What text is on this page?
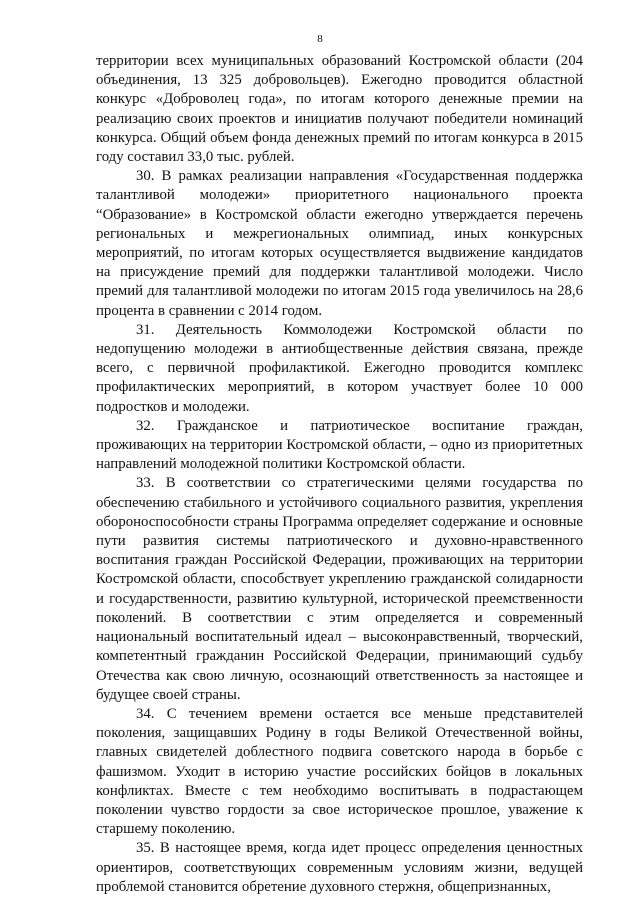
8

территории всех муниципальных образований Костромской области (204 объединения, 13 325 добровольцев). Ежегодно проводится областной конкурс «Доброволец года», по итогам которого денежные премии на реализацию своих проектов и инициатив получают победители номинаций конкурса. Общий объем фонда денежных премий по итогам конкурса в 2015 году составил 33,0 тыс. рублей.

30. В рамках реализации направления «Государственная поддержка талантливой молодежи» приоритетного национального проекта “Образование» в Костромской области ежегодно утверждается перечень региональных и межрегиональных олимпиад, иных конкурсных мероприятий, по итогам которых осуществляется выдвижение кандидатов на присуждение премий для поддержки талантливой молодежи. Число премий для талантливой молодежи по итогам 2015 года увеличилось на 28,6 процента в сравнении с 2014 годом.

31. Деятельность Коммолодежи Костромской области по недопущению молодежи в антиобщественные действия связана, прежде всего, с первичной профилактикой. Ежегодно проводится комплекс профилактических мероприятий, в котором участвует более 10 000 подростков и молодежи.

32. Гражданское и патриотическое воспитание граждан, проживающих на территории Костромской области, – одно из приоритетных направлений молодежной политики Костромской области.

33. В соответствии со стратегическими целями государства по обеспечению стабильного и устойчивого социального развития, укрепления обороноспособности страны Программа определяет содержание и основные пути развития системы патриотического и духовно-нравственного воспитания граждан Российской Федерации, проживающих на территории Костромской области, способствует укреплению гражданской солидарности и государственности, развитию культурной, исторической преемственности поколений. В соответствии с этим определяется и современный национальный воспитательный идеал – высоконравственный, творческий, компетентный гражданин Российской Федерации, принимающий судьбу Отечества как свою личную, осознающий ответственность за настоящее и будущее своей страны.

34. С течением времени остается все меньше представителей поколения, защищавших Родину в годы Великой Отечественной войны, главных свидетелей доблестного подвига советского народа в борьбе с фашизмом. Уходит в историю участие российских бойцов в локальных конфликтах. Вместе с тем необходимо воспитывать в подрастающем поколении чувство гордости за свое историческое прошлое, уважение к старшему поколению.

35. В настоящее время, когда идет процесс определения ценностных ориентиров, соответствующих современным условиям жизни, ведущей проблемой становится обретение духовного стержня, общепризнанных,
